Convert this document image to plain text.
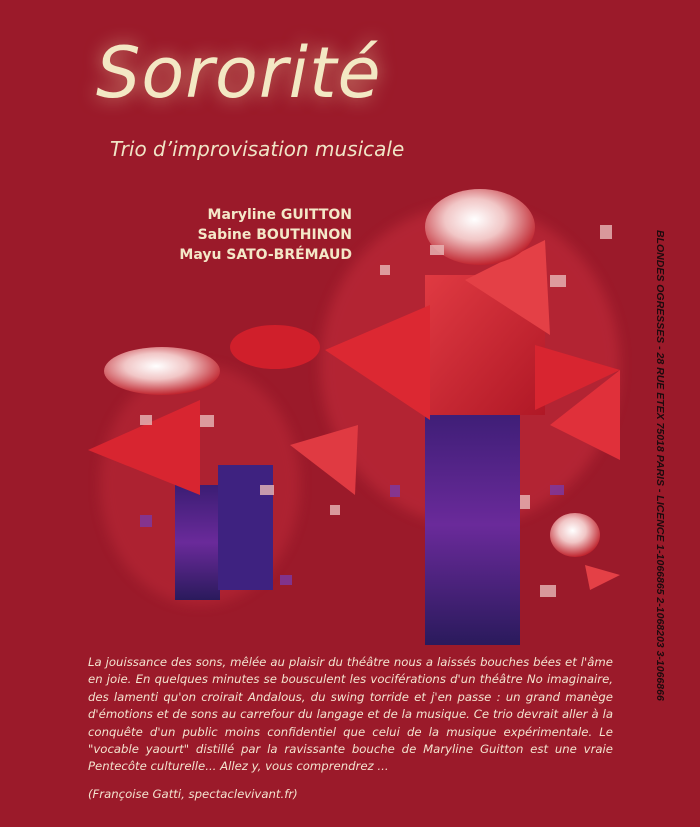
Sororité
Trio d’improvisation musicale
Maryline GUITTON
Sabine BOUTHINON
Mayu SATO-BRÉMAUD	BLONDES OGRESSES - 28 RUE ETEX 75018 PARIS - LICENCE 1-1066865 2-1068203 3-1066866
La jouissance des sons, mêlée au plaisir du théâtre nous a laissés bouches bées et l'âme en joie. En quelques minutes se bousculent les vociférations d'un théâtre No imaginaire, des lamenti qu'on croirait Andalous, du swing torride et j'en passe : un grand manège d'émotions et de sons au carrefour du langage et de la musique. Ce trio devrait aller à la conquête d'un public moins confidentiel que celui de la musique expérimentale. Le "vocable yaourt" distillé par la ravissante bouche de Maryline Guitton est une vraie Pentecôte culturelle... Allez y, vous comprendrez ...
(Françoise Gatti, spectaclevivant.fr)
